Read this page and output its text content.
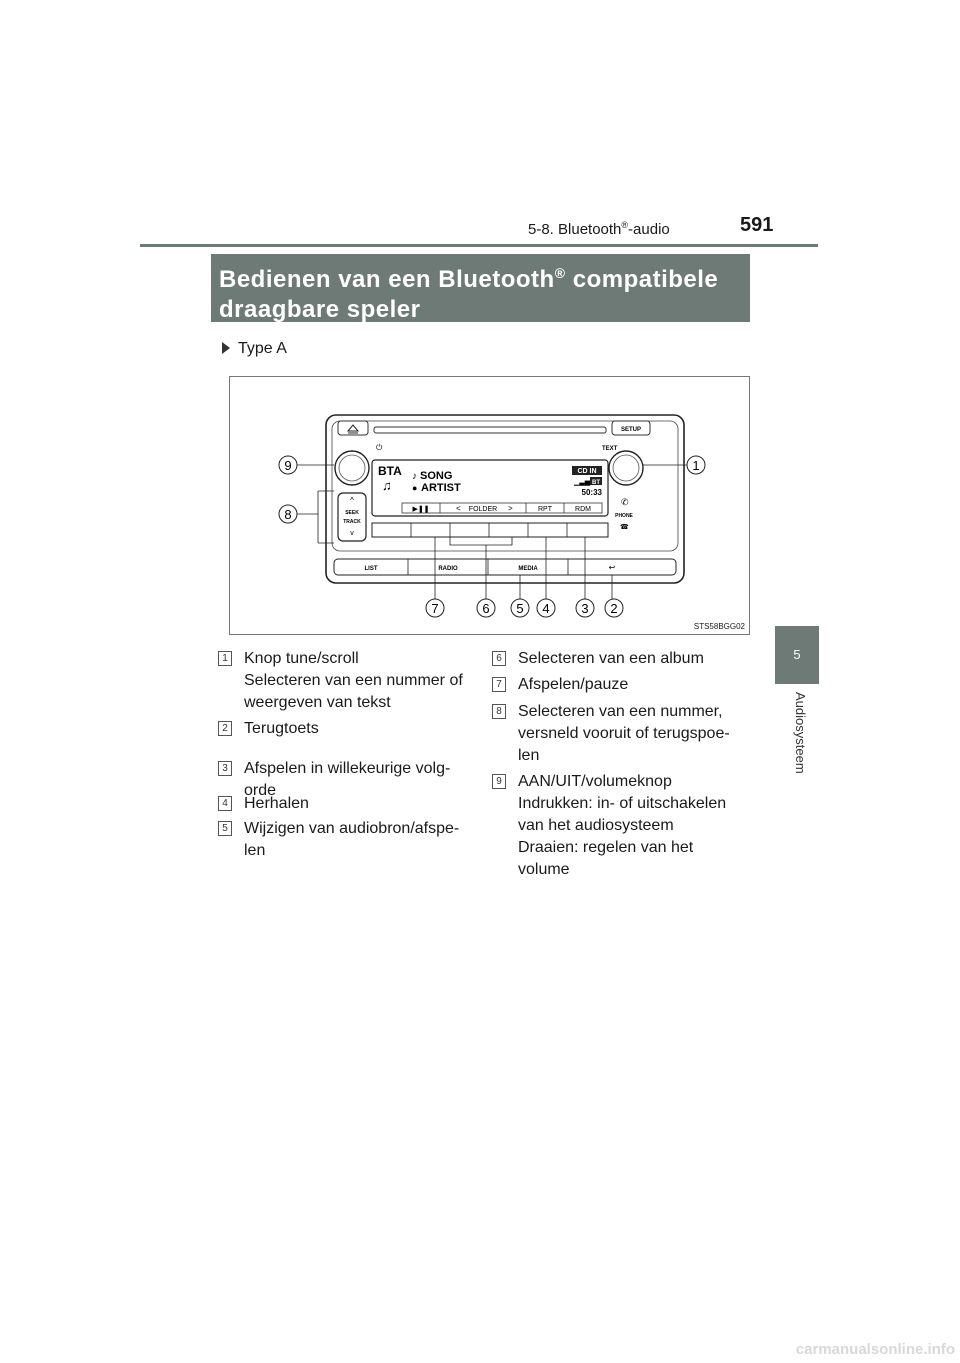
5-8. Bluetooth®-audio	591
5
Audiosysteem
Bedienen van een Bluetooth® compatibele
draagbare speler
Type A
SETUP
⏻	TEXT
BTA
♫
SONG
♪
ARTIST
●
CD IN
BT
▁▃▅
50:33
▶❚❚	FOLDER
<	>	RPT	RDM
^
SEEK
TRACK
v
✆
PHONE
☎
LIST	RADIO	MEDIA	↩
1
2
3
4
5
6
7
8
9
STS58BGG02
1 Knop tune/scroll
Selecteren van een nummer of
weergeven van tekst
2 Terugtoets
3 Afspelen in willekeurige volg-
orde
4 Herhalen
5 Wijzigen van audiobron/afspe-
len
6 Selecteren van een album
7 Afspelen/pauze
8 Selecteren van een nummer,
versneld vooruit of terugspoe-
len
9 AAN/UIT/volumeknop
Indrukken: in- of uitschakelen
van het audiosysteem
Draaien: regelen van het
volume
carmanualsonline.info
